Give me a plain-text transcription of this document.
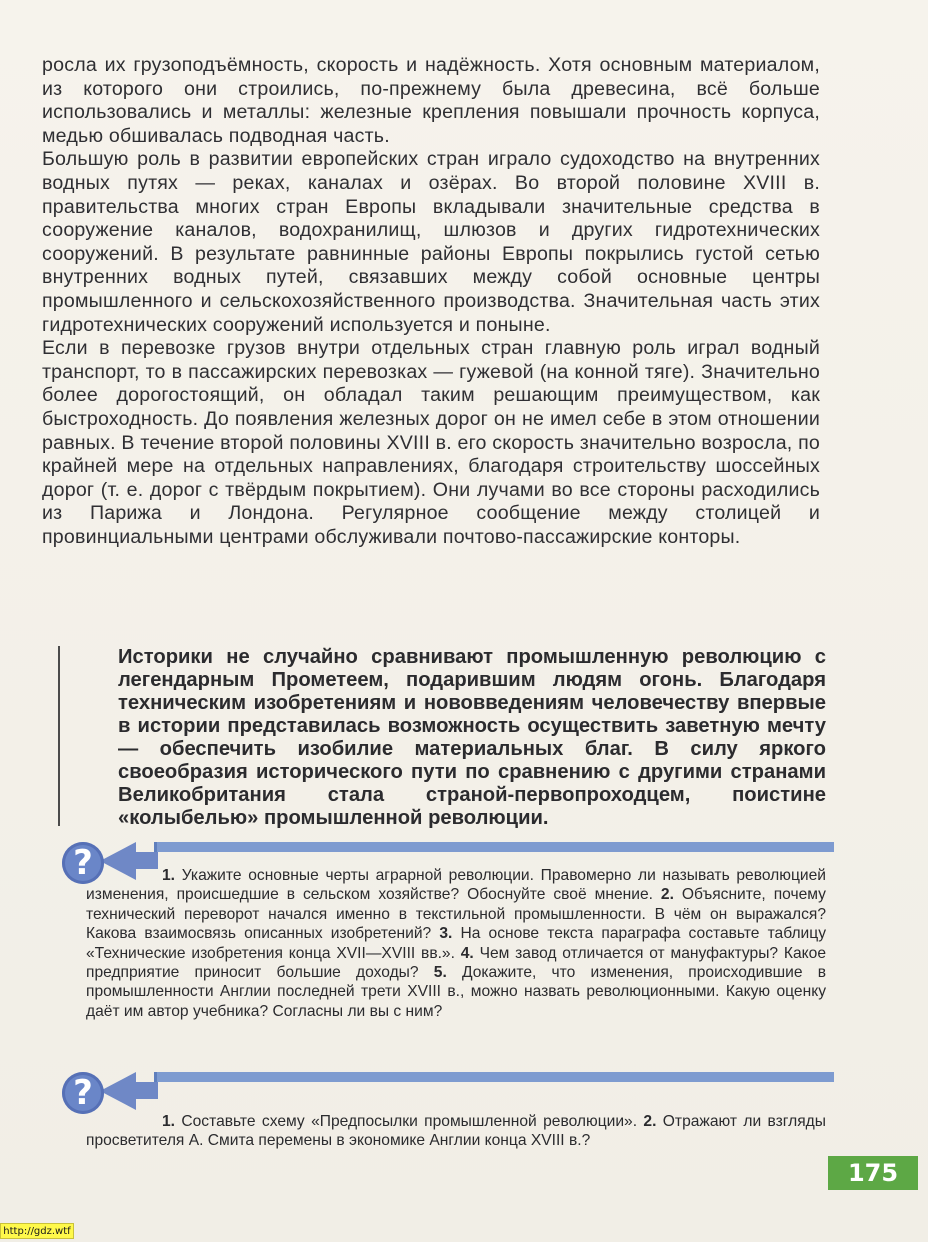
росла их грузоподъёмность, скорость и надёжность. Хотя основным материалом, из которого они строились, по-прежнему была древесина, всё больше использовались и металлы: железные крепления повышали прочность корпуса, медью обшивалась подводная часть.

Большую роль в развитии европейских стран играло судоходство на внутренних водных путях — реках, каналах и озёрах. Во второй половине XVIII в. правительства многих стран Европы вкладывали значительные средства в сооружение каналов, водохранилищ, шлюзов и других гидротехнических сооружений. В результате равнинные районы Европы покрылись густой сетью внутренних водных путей, связавших между собой основные центры промышленного и сельскохозяйственного производства. Значительная часть этих гидротехнических сооружений используется и поныне.

Если в перевозке грузов внутри отдельных стран главную роль играл водный транспорт, то в пассажирских перевозках — гужевой (на конной тяге). Значительно более дорогостоящий, он обладал таким решающим преимуществом, как быстроходность. До появления железных дорог он не имел себе в этом отношении равных. В течение второй половины XVIII в. его скорость значительно возросла, по крайней мере на отдельных направлениях, благодаря строительству шоссейных дорог (т. е. дорог с твёрдым покрытием). Они лучами во все стороны расходились из Парижа и Лондона. Регулярное сообщение между столицей и провинциальными центрами обслуживали почтово-пассажирские конторы.

Историки не случайно сравнивают промышленную революцию с легендарным Прометеем, подарившим людям огонь. Благодаря техническим изобретениям и нововведениям человечеству впервые в истории представилась возможность осуществить заветную мечту — обеспечить изобилие материальных благ. В силу яркого своеобразия исторического пути по сравнению с другими странами Великобритания стала страной-первопроходцем, поистине «колыбелью» промышленной революции.

?	1. Укажите основные черты аграрной революции. Правомерно ли называть революцией изменения, происшедшие в сельском хозяйстве? Обоснуйте своё мнение. 2. Объясните, почему технический переворот начался именно в текстильной промышленности. В чём он выражался? Какова взаимосвязь описанных изобретений? 3. На основе текста параграфа составьте таблицу «Технические изобретения конца XVII—XVIII вв.». 4. Чем завод отличается от мануфактуры? Какое предприятие приносит большие доходы? 5. Докажите, что изменения, происходившие в промышленности Англии последней трети XVIII в., можно назвать революционными. Какую оценку даёт им автор учебника? Согласны ли вы с ним?
?
1. Составьте схему «Предпосылки промышленной революции». 2. Отражают ли взгляды просветителя А. Смита перемены в экономике Англии конца XVIII в.?
175
http://gdz.wtf
